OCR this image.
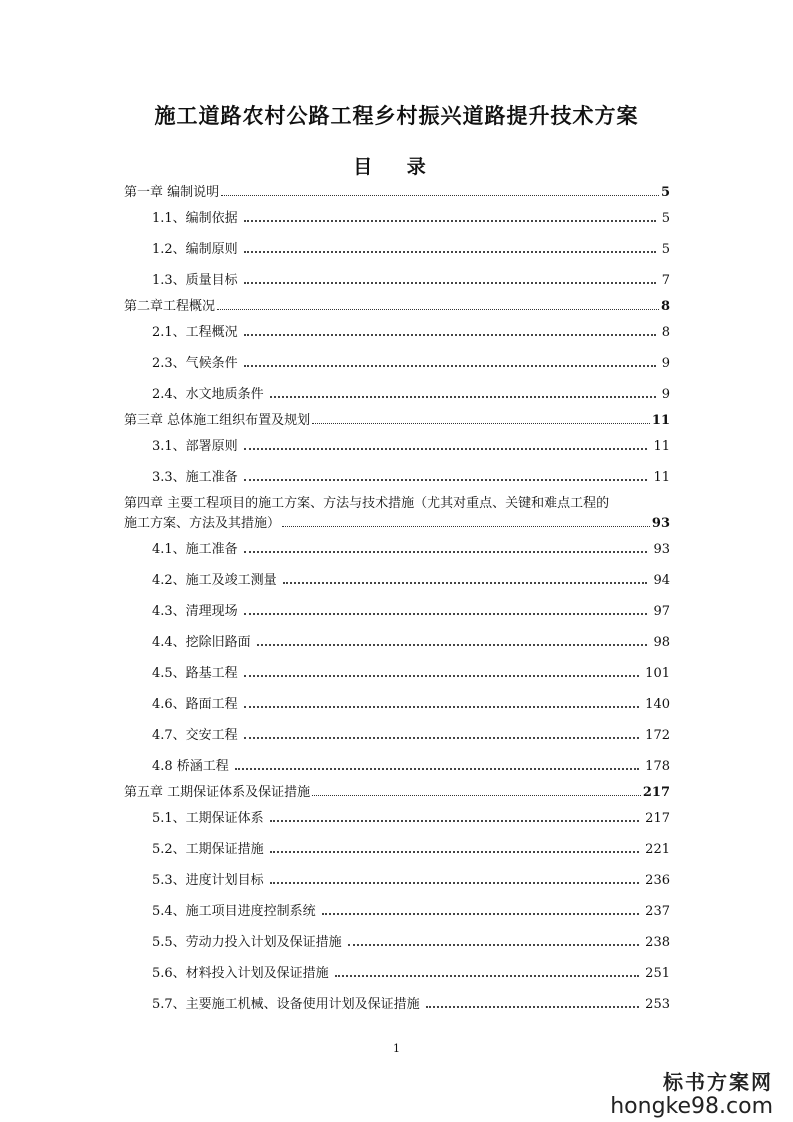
施工道路农村公路工程乡村振兴道路提升技术方案
目 录
第一章 编制说明	5
1.1、编制依据	5
1.2、编制原则	5
1.3、质量目标	7
第二章工程概况	8
2.1、工程概况	8
2.3、气候条件	9
2.4、水文地质条件	9
第三章 总体施工组织布置及规划	11
3.1、部署原则	11
3.3、施工准备	11
第四章 主要工程项目的施工方案、方法与技术措施（尤其对重点、关键和难点工程的
施工方案、方法及其措施）	93
4.1、施工准备	93
4.2、施工及竣工测量	94
4.3、清理现场	97
4.4、挖除旧路面	98
4.5、路基工程	101
4.6、路面工程	140
4.7、交安工程	172
4.8 桥涵工程	178
第五章 工期保证体系及保证措施	217
5.1、工期保证体系	217
5.2、工期保证措施	221
5.3、进度计划目标	236
5.4、施工项目进度控制系统	237
5.5、劳动力投入计划及保证措施	238
5.6、材料投入计划及保证措施	251
5.7、主要施工机械、设备使用计划及保证措施	253
1
标书方案网
hongke98.com
